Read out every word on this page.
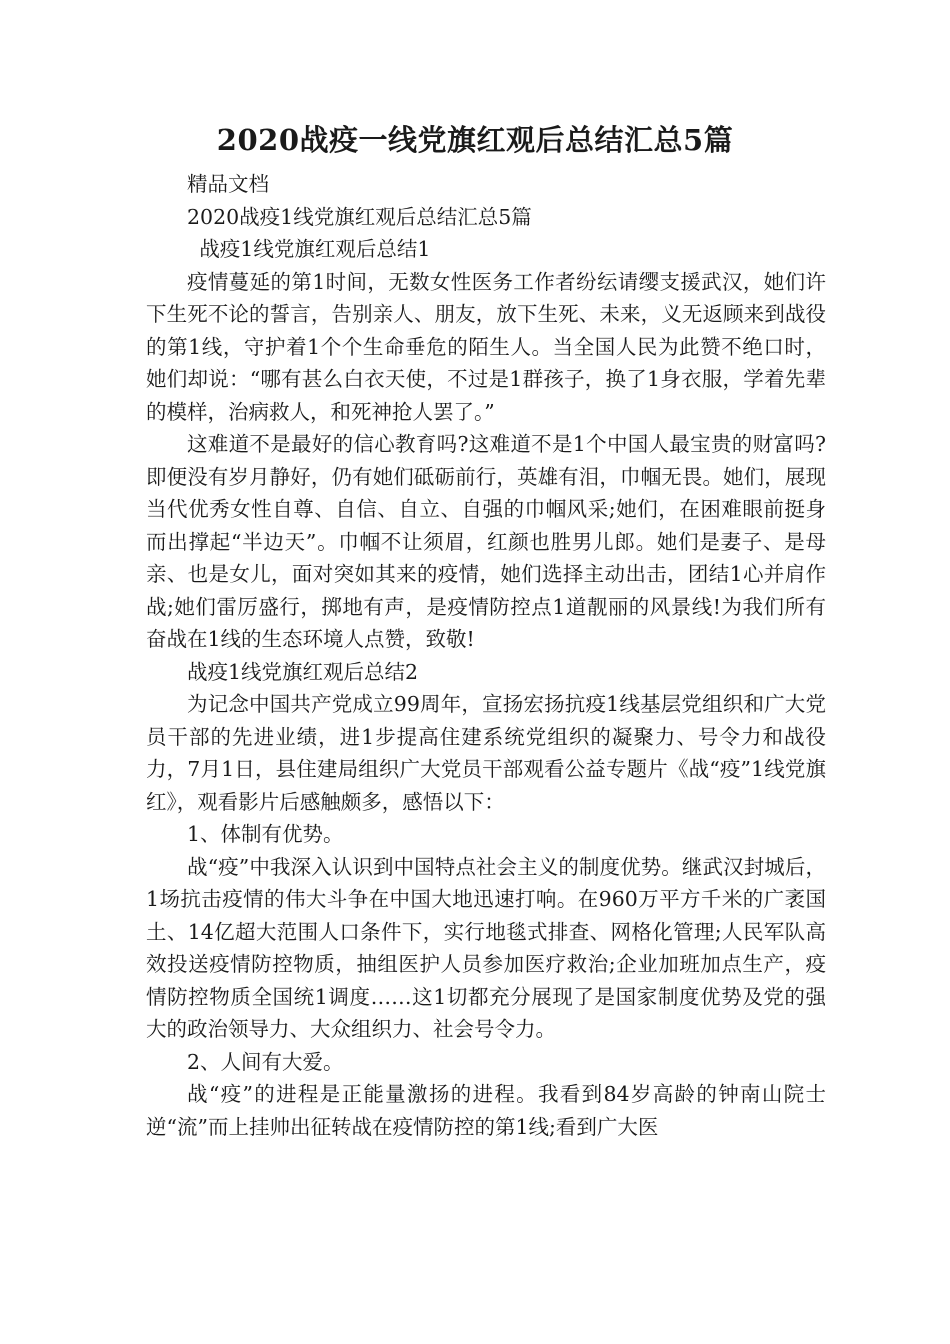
2020战疫一线党旗红观后总结汇总5篇

精品文档

2020战疫1线党旗红观后总结汇总5篇

战疫1线党旗红观后总结1

疫情蔓延的第1时间，无数女性医务工作者纷纭请缨支援武汉，她们许下生死不论的誓言，告别亲人、朋友，放下生死、未来，义无返顾来到战役的第1线，守护着1个个生命垂危的陌生人。当全国人民为此赞不绝口时，她们却说：“哪有甚么白衣天使，不过是1群孩子，换了1身衣服，学着先辈的模样，治病救人，和死神抢人罢了。”

这难道不是最好的信心教育吗?这难道不是1个中国人最宝贵的财富吗?即便没有岁月静好，仍有她们砥砺前行，英雄有泪，巾帼无畏。她们，展现当代优秀女性自尊、自信、自立、自强的巾帼风采;她们，在困难眼前挺身而出撑起“半边天”。巾帼不让须眉，红颜也胜男儿郎。她们是妻子、是母亲、也是女儿，面对突如其来的疫情，她们选择主动出击，团结1心并肩作战;她们雷厉盛行，掷地有声，是疫情防控点1道靓丽的风景线!为我们所有奋战在1线的生态环境人点赞，致敬!

战疫1线党旗红观后总结2

为记念中国共产党成立99周年，宣扬宏扬抗疫1线基层党组织和广大党员干部的先进业绩，进1步提高住建系统党组织的凝聚力、号令力和战役力，7月1日，县住建局组织广大党员干部观看公益专题片《战“疫”1线党旗红》，观看影片后感触颇多，感悟以下：

1、体制有优势。

战“疫”中我深入认识到中国特点社会主义的制度优势。继武汉封城后，1场抗击疫情的伟大斗争在中国大地迅速打响。在960万平方千米的广袤国土、14亿超大范围人口条件下，实行地毯式排查、网格化管理;人民军队高效投送疫情防控物质，抽组医护人员参加医疗救治;企业加班加点生产，疫情防控物质全国统1调度……这1切都充分展现了是国家制度优势及党的强大的政治领导力、大众组织力、社会号令力。

2、人间有大爱。

战“疫”的进程是正能量激扬的进程。我看到84岁高龄的钟南山院士逆“流”而上挂帅出征转战在疫情防控的第1线;看到广大医
